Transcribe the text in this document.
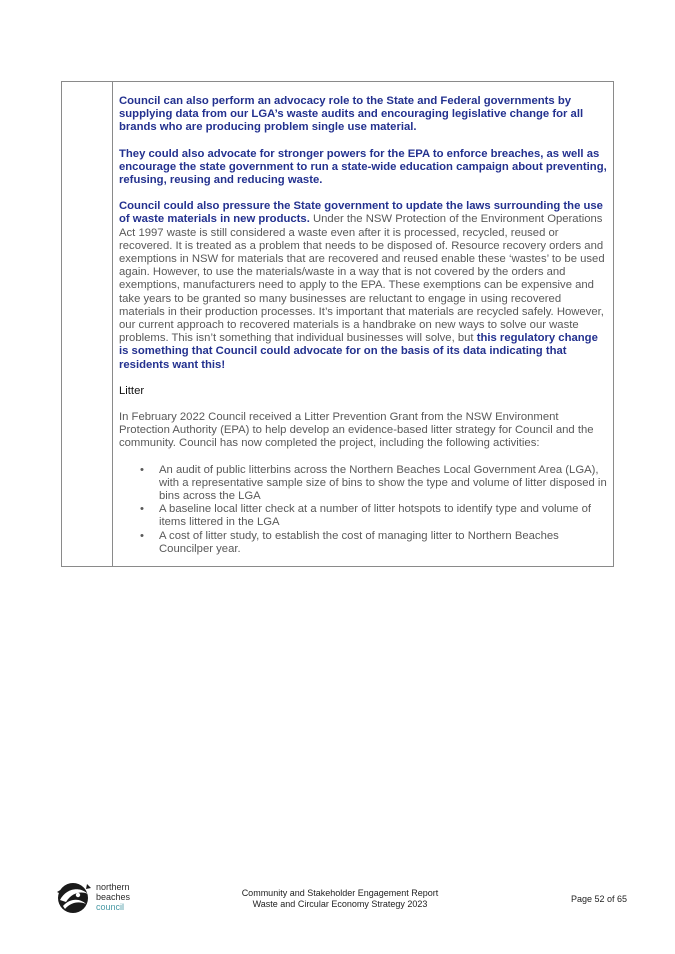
Council can also perform an advocacy role to the State and Federal governments by supplying data from our LGA’s waste audits and encouraging legislative change for all brands who are producing problem single use material.

They could also advocate for stronger powers for the EPA to enforce breaches, as well as encourage the state government to run a state-wide education campaign about preventing, refusing, reusing and reducing waste.

Council could also pressure the State government to update the laws surrounding the use of waste materials in new products. Under the NSW Protection of the Environment Operations Act 1997 waste is still considered a waste even after it is processed, recycled, reused or recovered. It is treated as a problem that needs to be disposed of. Resource recovery orders and exemptions in NSW for materials that are recovered and reused enable these ‘wastes’ to be used again. However, to use the materials/waste in a way that is not covered by the orders and exemptions, manufacturers need to apply to the EPA. These exemptions can be expensive and take years to be granted so many businesses are reluctant to engage in using recovered materials in their production processes. It’s important that materials are recycled safely. However, our current approach to recovered materials is a handbrake on new ways to solve our waste problems. This isn’t something that individual businesses will solve, but this regulatory change is something that Council could advocate for on the basis of its data indicating that residents want this!

Litter

In February 2022 Council received a Litter Prevention Grant from the NSW Environment Protection Authority (EPA) to help develop an evidence-based litter strategy for Council and the community. Council has now completed the project, including the following activities:

• An audit of public litterbins across the Northern Beaches Local Government Area (LGA), with a representative sample size of bins to show the type and volume of litter disposed in bins across the LGA
• A baseline local litter check at a number of litter hotspots to identify type and volume of items littered in the LGA
• A cost of litter study, to establish the cost of managing litter to Northern Beaches Councilper year.
northern
beaches
council
Community and Stakeholder Engagement Report
Waste and Circular Economy Strategy 2023	Page 52 of 65
